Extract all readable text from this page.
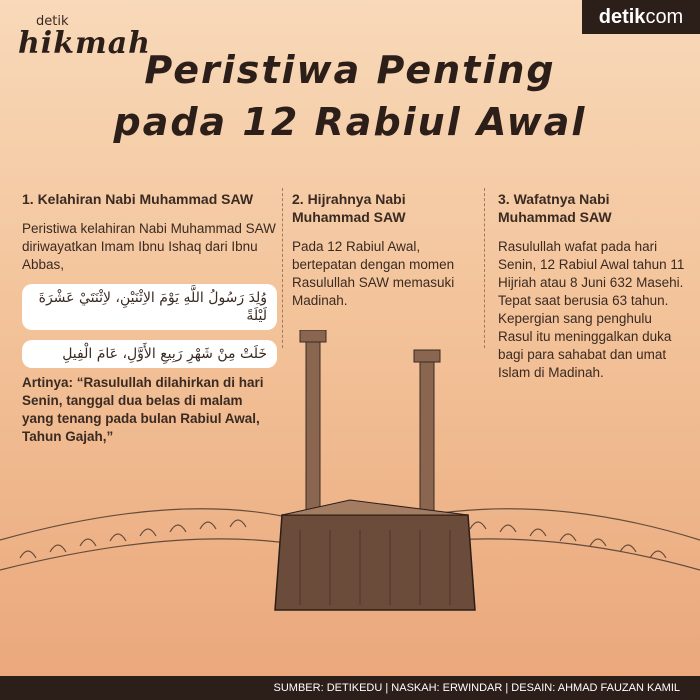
detik
hikmah
detikcom
Peristiwa Penting
pada 12 Rabiul Awal
1. Kelahiran Nabi Muhammad SAW

Peristiwa kelahiran Nabi Muhammad SAW diriwayatkan Imam Ibnu Ishaq dari Ibnu Abbas,

وُلِدَ رَسُولُ اللَّهِ يَوْمَ الاِثْنَيْنِ، لاِثْنَتَيْ عَشْرَةَ لَيْلَةً
خَلَتْ مِنْ شَهْرِ رَبِيعِ الأَوَّلِ، عَامَ الْفِيلِ

Artinya: “Rasulullah dilahirkan di hari Senin, tanggal dua belas di malam yang tenang pada bulan Rabiul Awal, Tahun Gajah,”

2. Hijrahnya Nabi Muhammad SAW

Pada 12 Rabiul Awal, bertepatan dengan momen Rasulullah SAW memasuki Madinah.

3. Wafatnya Nabi Muhammad SAW

Rasulullah wafat pada hari Senin, 12 Rabiul Awal tahun 11 Hijriah atau 8 Juni 632 Masehi. Tepat saat berusia 63 tahun. Kepergian sang penghulu Rasul itu meninggalkan duka bagi para sahabat dan umat Islam di Madinah.

SUMBER: DETIKEDU | NASKAH: ERWINDAR | DESAIN: AHMAD FAUZAN KAMIL
